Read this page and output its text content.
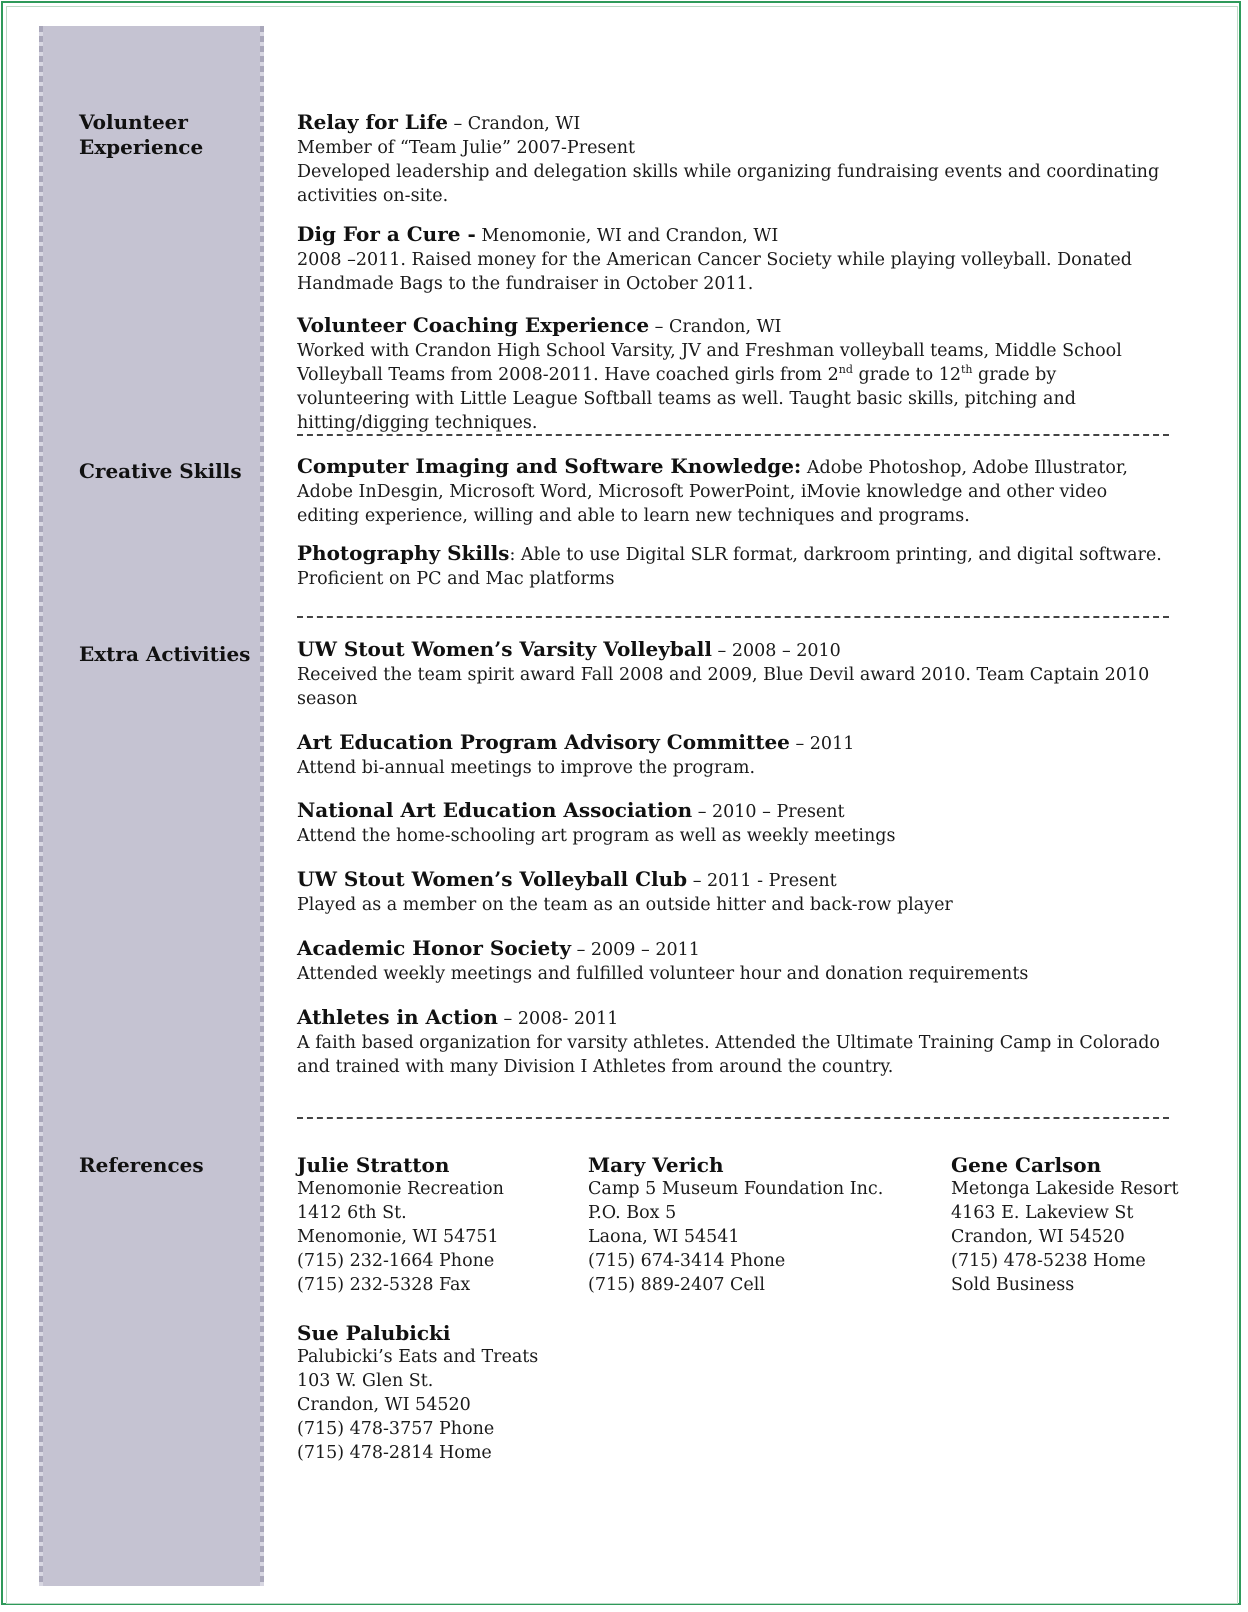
Volunteer
Experience
Creative Skills
Extra Activities
References

Relay for Life – Crandon, WI

Member of “Team Julie” 2007-Present

Developed leadership and delegation skills while organizing fundraising events and coordinating activities on-site.

Dig For a Cure - Menomonie, WI and Crandon, WI

2008 –2011. Raised money for the American Cancer Society while playing volleyball. Donated Handmade Bags to the fundraiser in October 2011.

Volunteer Coaching Experience – Crandon, WI

Worked with Crandon High School Varsity, JV and Freshman volleyball teams, Middle School Volleyball Teams from 2008-2011. Have coached girls from 2nd grade to 12th grade by volunteering with Little League Softball teams as well. Taught basic skills, pitching and hitting/digging techniques.

Computer Imaging and Software Knowledge: Adobe Photoshop, Adobe Illustrator, Adobe InDesgin, Microsoft Word, Microsoft PowerPoint, iMovie knowledge and other video editing experience, willing and able to learn new techniques and programs.

Photography Skills: Able to use Digital SLR format, darkroom printing, and digital software. Proficient on PC and Mac platforms

UW Stout Women’s Varsity Volleyball – 2008 – 2010

Received the team spirit award Fall 2008 and 2009, Blue Devil award 2010. Team Captain 2010 season

Art Education Program Advisory Committee – 2011

Attend bi-annual meetings to improve the program.

National Art Education Association – 2010 – Present

Attend the home-schooling art program as well as weekly meetings

UW Stout Women’s Volleyball Club – 2011 - Present

Played as a member on the team as an outside hitter and back-row player

Academic Honor Society – 2009 – 2011

Attended weekly meetings and fulfilled volunteer hour and donation requirements

Athletes in Action – 2008- 2011

A faith based organization for varsity athletes. Attended the Ultimate Training Camp in Colorado and trained with many Division I Athletes from around the country.

Julie Stratton
Menomonie Recreation
1412 6th St.
Menomonie, WI 54751
(715) 232-1664 Phone
(715) 232-5328 Fax
Mary Verich
Camp 5 Museum Foundation Inc.
P.O. Box 5
Laona, WI 54541
(715) 674-3414 Phone
(715) 889-2407 Cell
Gene Carlson
Metonga Lakeside Resort
4163 E. Lakeview St
Crandon, WI 54520
(715) 478-5238 Home
Sold Business
Sue Palubicki
Palubicki’s Eats and Treats
103 W. Glen St.
Crandon, WI 54520
(715) 478-3757 Phone
(715) 478-2814 Home
